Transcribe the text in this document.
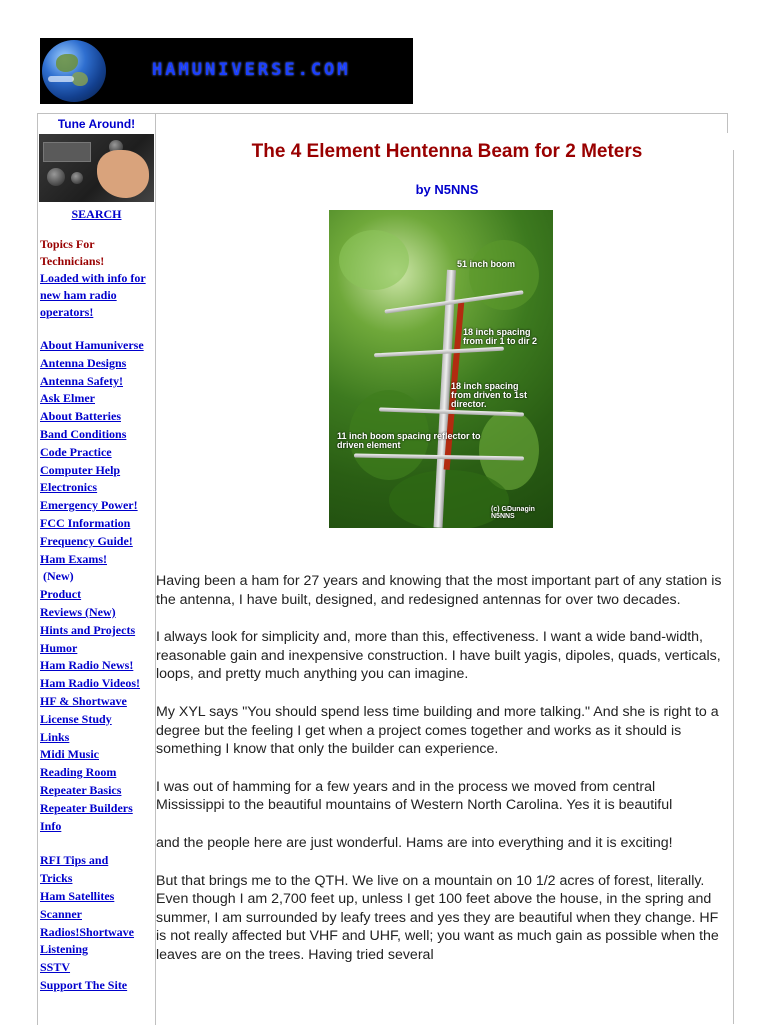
HAMUNIVERSE.COM
Tune Around!
SEARCH
Topics For Technicians!
Loaded with info for new ham radio operators!
About Hamuniverse
Antenna Designs
Antenna Safety!
Ask Elmer
About Batteries
Band Conditions
Code Practice
Computer Help
Electronics
Emergency Power!
FCC Information
Frequency Guide!
Ham Exams!
(New)
Product
Reviews (New)
Hints and Projects
Humor
Ham Radio News!
Ham Radio Videos!
HF & Shortwave
License Study
Links
Midi Music
Reading Room
Repeater Basics
Repeater Builders
Info
RFI Tips and
Tricks
Ham Satellites
Scanner
Radios!Shortwave
Listening
SSTV
Support The Site
The 4 Element Hentenna Beam for 2 Meters
by N5NNS
51 inch boom
18 inch spacing from dir 1 to dir 2
18 inch spacing from driven to 1st director.
11 inch boom spacing reflector to driven element
(c) GDunagin N5NNS

Having been a ham for 27 years and knowing that the most important part of any station is the antenna, I have built, designed, and redesigned antennas for over two decades.

I always look for simplicity and, more than this, effectiveness. I want a wide band-width, reasonable gain and inexpensive construction. I have built yagis, dipoles, quads, verticals, loops, and pretty much anything you can imagine.

My XYL says "You should spend less time building and more talking." And she is right to a degree but the feeling I get when a project comes together and works as it should is something I know that only the builder can experience.

I was out of hamming for a few years and in the process we moved from central Mississippi to the beautiful mountains of Western North Carolina. Yes it is beautiful

and the people here are just wonderful. Hams are into everything and it is exciting!

But that brings me to the QTH. We live on a mountain on 10 1/2 acres of forest, literally. Even though I am 2,700 feet up, unless I get 100 feet above the house, in the spring and summer, I am surrounded by leafy trees and yes they are beautiful when they change. HF is not really affected but VHF and UHF, well; you want as much gain as possible when the leaves are on the trees. Having tried several
